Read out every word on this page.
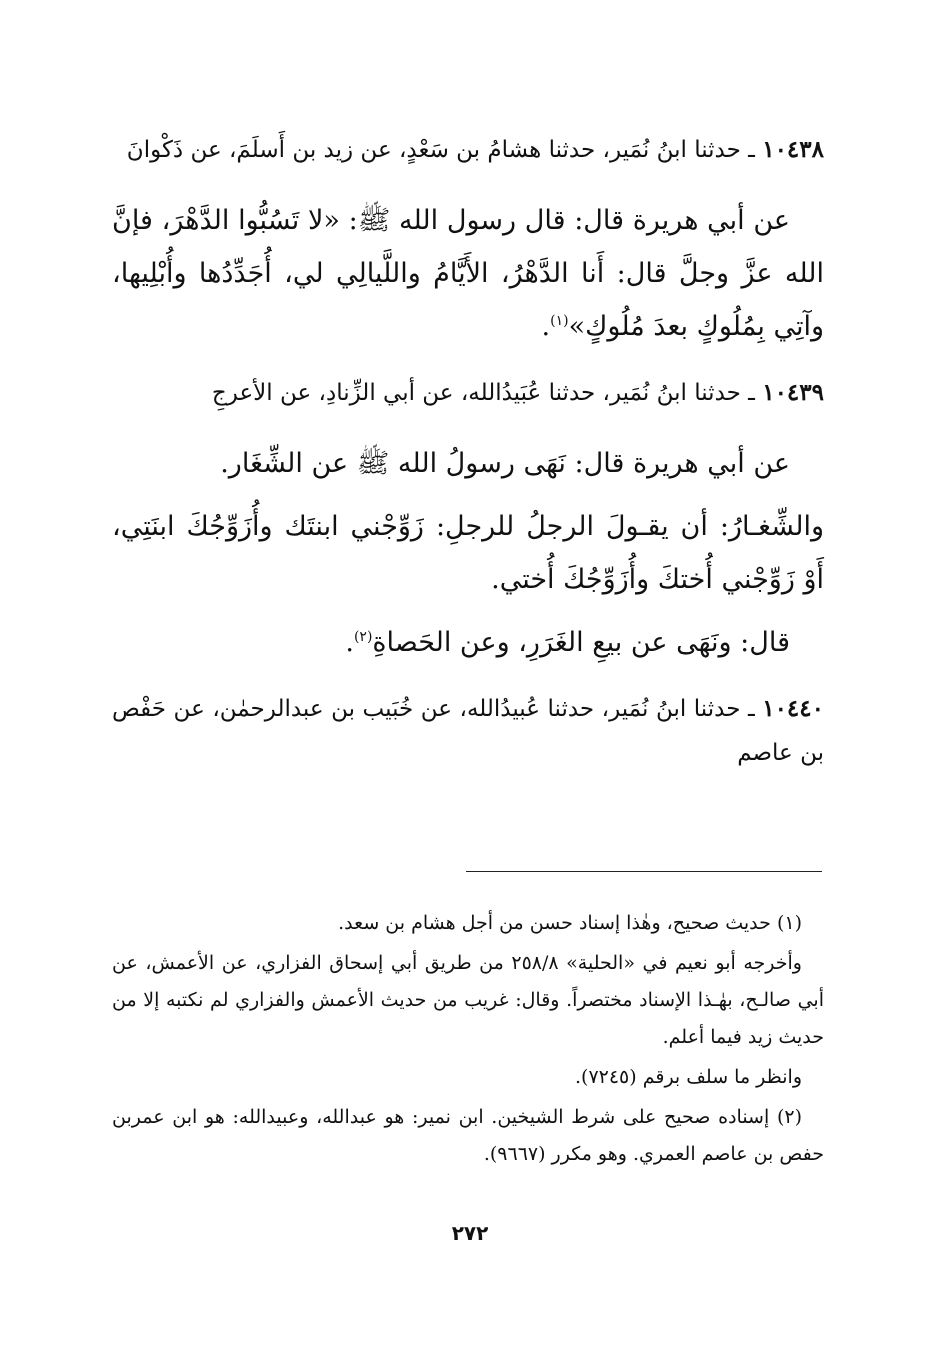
١٠٤٣٨ ـ حدثنا ابنُ نُمَير، حدثنا هشامُ بن سَعْدٍ، عن زيد بن أَسلَمَ، عن ذَكْوانَ

عن أبي هريرة قال: قال رسول الله ﷺ: «لا تَسُبُّوا الدَّهْرَ، فإنَّ الله عزَّ وجلَّ قال: أَنا الدَّهْرُ، الأَيَّامُ واللَّيالِي لي، أُجَدِّدُها وأُبْلِيها، وآتِي بِمُلُوكٍ بعدَ مُلُوكٍ»$^{(١)}$.

١٠٤٣٩ ـ حدثنا ابنُ نُمَير، حدثنا عُبَيدُالله، عن أبي الزِّنادِ، عن الأعرجِ

عن أبي هريرة قال: نَهَى رسولُ الله ﷺ عن الشِّغَار.

والشِّغـارُ: أن يقـولَ الرجلُ للرجلِ: زَوِّجْني ابنتَك وأُزَوِّجُكَ ابنَتِي، أَوْ زَوِّجْني أُختكَ وأُزَوِّجُكَ أُختي.

قال: ونَهَى عن بيعِ الغَرَرِ، وعن الحَصاةِ$^{(٢)}$.

١٠٤٤٠ ـ حدثنا ابنُ نُمَير، حدثنا عُبيدُالله، عن خُبَيب بن عبدالرحمٰن، عن حَفْص بن عاصم

(١) حديث صحيح، وهٰذا إسناد حسن من أجل هشام بن سعد.

وأخرجه أبو نعيم في «الحلية» ٢٥٨/٨ من طريق أبي إسحاق الفزاري، عن الأعمش، عن أبي صالـح، بهٰـذا الإسناد مختصراً. وقال: غريب من حديث الأعمش والفزاري لم نكتبه إلا من حديث زيد فيما أعلم.

وانظر ما سلف برقم (٧٢٤٥).

(٢) إسناده صحيح على شرط الشيخين. ابن نمير: هو عبدالله، وعبيدالله: هو ابن عمربن حفص بن عاصم العمري. وهو مكرر (٩٦٦٧).

٢٧٢
